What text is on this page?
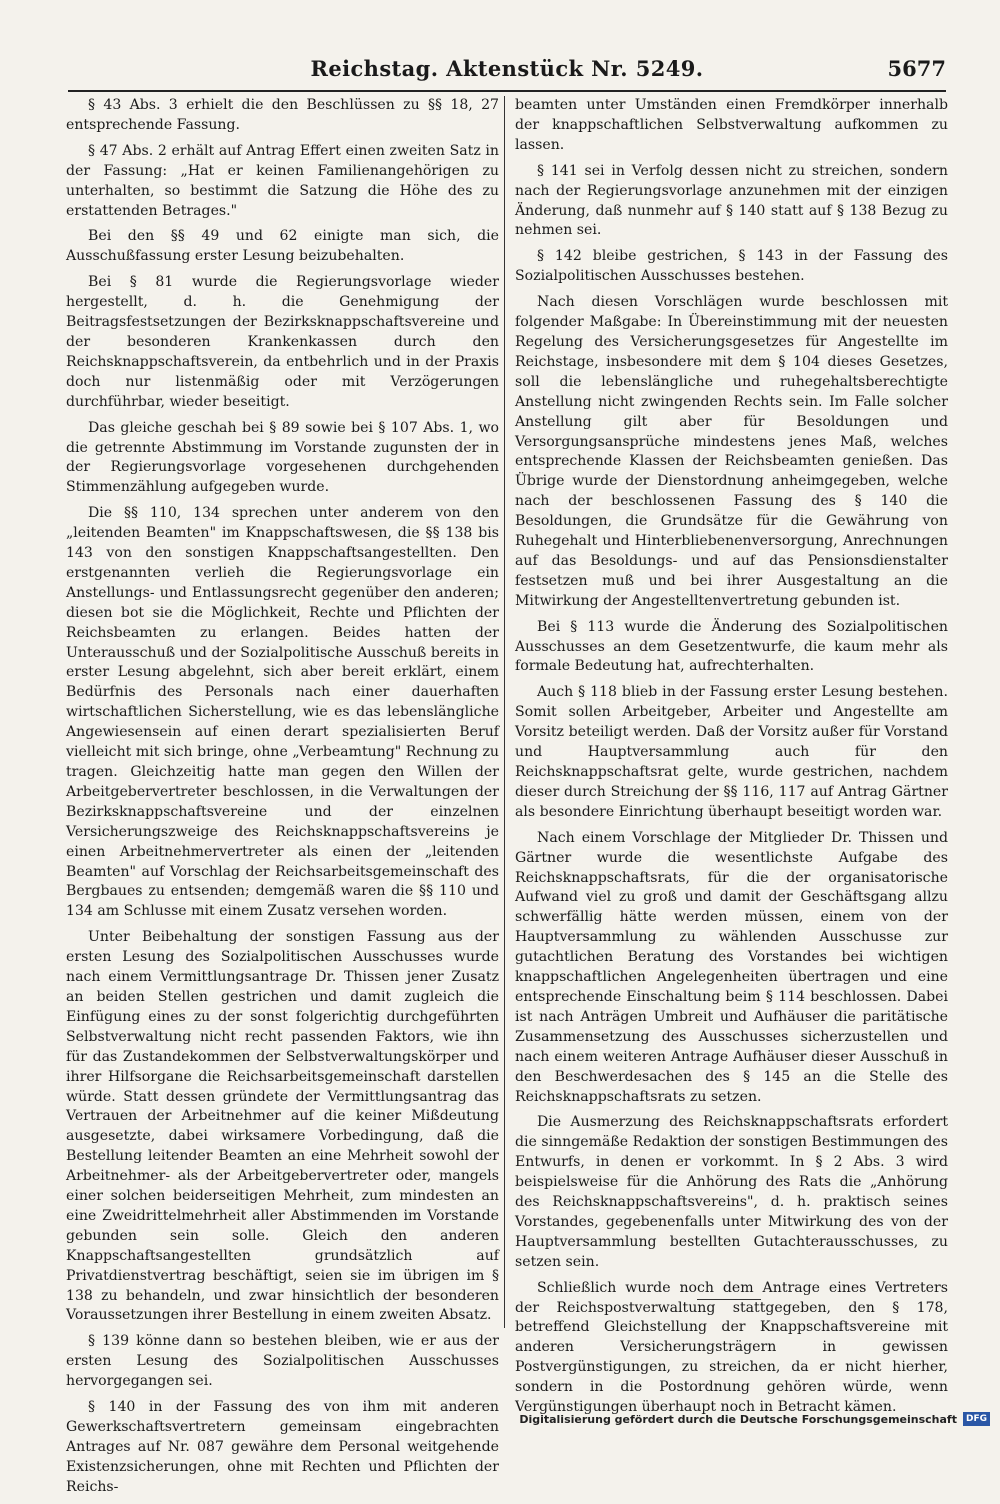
Reichstag. Aktenstück Nr. 5249.	5677

§ 43 Abs. 3 erhielt die den Beschlüssen zu §§ 18, 27 entsprechende Fassung.

§ 47 Abs. 2 erhält auf Antrag Effert einen zweiten Satz in der Fassung: „Hat er keinen Familienangehörigen zu unterhalten, so bestimmt die Satzung die Höhe des zu erstattenden Betrages."

Bei den §§ 49 und 62 einigte man sich, die Ausschußfassung erster Lesung beizubehalten.

Bei § 81 wurde die Regierungsvorlage wieder hergestellt, d. h. die Genehmigung der Beitragsfestsetzungen der Bezirksknappschaftsvereine und der besonderen Krankenkassen durch den Reichsknappschaftsverein, da entbehrlich und in der Praxis doch nur listenmäßig oder mit Verzögerungen durchführbar, wieder beseitigt.

Das gleiche geschah bei § 89 sowie bei § 107 Abs. 1, wo die getrennte Abstimmung im Vorstande zugunsten der in der Regierungsvorlage vorgesehenen durchgehenden Stimmenzählung aufgegeben wurde.

Die §§ 110, 134 sprechen unter anderem von den „leitenden Beamten" im Knappschaftswesen, die §§ 138 bis 143 von den sonstigen Knappschaftsangestellten. Den erstgenannten verlieh die Regierungsvorlage ein Anstellungs- und Entlassungsrecht gegenüber den anderen; diesen bot sie die Möglichkeit, Rechte und Pflichten der Reichsbeamten zu erlangen. Beides hatten der Unterausschuß und der Sozialpolitische Ausschuß bereits in erster Lesung abgelehnt, sich aber bereit erklärt, einem Bedürfnis des Personals nach einer dauerhaften wirtschaftlichen Sicherstellung, wie es das lebenslängliche Angewiesensein auf einen derart spezialisierten Beruf vielleicht mit sich bringe, ohne „Verbeamtung" Rechnung zu tragen. Gleichzeitig hatte man gegen den Willen der Arbeitgebervertreter beschlossen, in die Verwaltungen der Bezirksknappschaftsvereine und der einzelnen Versicherungszweige des Reichsknappschaftsvereins je einen Arbeitnehmervertreter als einen der „leitenden Beamten" auf Vorschlag der Reichsarbeitsgemeinschaft des Bergbaues zu entsenden; demgemäß waren die §§ 110 und 134 am Schlusse mit einem Zusatz versehen worden.

Unter Beibehaltung der sonstigen Fassung aus der ersten Lesung des Sozialpolitischen Ausschusses wurde nach einem Vermittlungsantrage Dr. Thissen jener Zusatz an beiden Stellen gestrichen und damit zugleich die Einfügung eines zu der sonst folgerichtig durchgeführten Selbstverwaltung nicht recht passenden Faktors, wie ihn für das Zustandekommen der Selbstverwaltungskörper und ihrer Hilfsorgane die Reichsarbeitsgemeinschaft darstellen würde. Statt dessen gründete der Vermittlungsantrag das Vertrauen der Arbeitnehmer auf die keiner Mißdeutung ausgesetzte, dabei wirksamere Vorbedingung, daß die Bestellung leitender Beamten an eine Mehrheit sowohl der Arbeitnehmer- als der Arbeitgebervertreter oder, mangels einer solchen beiderseitigen Mehrheit, zum mindesten an eine Zweidrittelmehrheit aller Abstimmenden im Vorstande gebunden sein solle. Gleich den anderen Knappschaftsangestellten grundsätzlich auf Privatdienstvertrag beschäftigt, seien sie im übrigen im § 138 zu behandeln, und zwar hinsichtlich der besonderen Voraussetzungen ihrer Bestellung in einem zweiten Absatz.

§ 139 könne dann so bestehen bleiben, wie er aus der ersten Lesung des Sozialpolitischen Ausschusses hervorgegangen sei.

§ 140 in der Fassung des von ihm mit anderen Gewerkschaftsvertretern gemeinsam eingebrachten Antrages auf Nr. 087 gewähre dem Personal weitgehende Existenzsicherungen, ohne mit Rechten und Pflichten der Reichs-

beamten unter Umständen einen Fremdkörper innerhalb der knappschaftlichen Selbstverwaltung aufkommen zu lassen.

§ 141 sei in Verfolg dessen nicht zu streichen, sondern nach der Regierungsvorlage anzunehmen mit der einzigen Änderung, daß nunmehr auf § 140 statt auf § 138 Bezug zu nehmen sei.

§ 142 bleibe gestrichen, § 143 in der Fassung des Sozialpolitischen Ausschusses bestehen.

Nach diesen Vorschlägen wurde beschlossen mit folgender Maßgabe: In Übereinstimmung mit der neuesten Regelung des Versicherungsgesetzes für Angestellte im Reichstage, insbesondere mit dem § 104 dieses Gesetzes, soll die lebenslängliche und ruhegehaltsberechtigte Anstellung nicht zwingenden Rechts sein. Im Falle solcher Anstellung gilt aber für Besoldungen und Versorgungsansprüche mindestens jenes Maß, welches entsprechende Klassen der Reichsbeamten genießen. Das Übrige wurde der Dienstordnung anheimgegeben, welche nach der beschlossenen Fassung des § 140 die Besoldungen, die Grundsätze für die Gewährung von Ruhegehalt und Hinterbliebenenversorgung, Anrechnungen auf das Besoldungs- und auf das Pensionsdienstalter festsetzen muß und bei ihrer Ausgestaltung an die Mitwirkung der Angestelltenvertretung gebunden ist.

Bei § 113 wurde die Änderung des Sozialpolitischen Ausschusses an dem Gesetzentwurfe, die kaum mehr als formale Bedeutung hat, aufrechterhalten.

Auch § 118 blieb in der Fassung erster Lesung bestehen. Somit sollen Arbeitgeber, Arbeiter und Angestellte am Vorsitz beteiligt werden. Daß der Vorsitz außer für Vorstand und Hauptversammlung auch für den Reichsknappschaftsrat gelte, wurde gestrichen, nachdem dieser durch Streichung der §§ 116, 117 auf Antrag Gärtner als besondere Einrichtung überhaupt beseitigt worden war.

Nach einem Vorschlage der Mitglieder Dr. Thissen und Gärtner wurde die wesentlichste Aufgabe des Reichsknappschaftsrats, für die der organisatorische Aufwand viel zu groß und damit der Geschäftsgang allzu schwerfällig hätte werden müssen, einem von der Hauptversammlung zu wählenden Ausschusse zur gutachtlichen Beratung des Vorstandes bei wichtigen knappschaftlichen Angelegenheiten übertragen und eine entsprechende Einschaltung beim § 114 beschlossen. Dabei ist nach Anträgen Umbreit und Aufhäuser die paritätische Zusammensetzung des Ausschusses sicherzustellen und nach einem weiteren Antrage Aufhäuser dieser Ausschuß in den Beschwerdesachen des § 145 an die Stelle des Reichsknappschaftsrats zu setzen.

Die Ausmerzung des Reichsknappschaftsrats erfordert die sinngemäße Redaktion der sonstigen Bestimmungen des Entwurfs, in denen er vorkommt. In § 2 Abs. 3 wird beispielsweise für die Anhörung des Rats die „Anhörung des Reichsknappschaftsvereins", d. h. praktisch seines Vorstandes, gegebenenfalls unter Mitwirkung des von der Hauptversammlung bestellten Gutachterausschusses, zu setzen sein.

Schließlich wurde noch dem Antrage eines Vertreters der Reichspostverwaltung stattgegeben, den § 178, betreffend Gleichstellung der Knappschaftsvereine mit anderen Versicherungsträgern in gewissen Postvergünstigungen, zu streichen, da er nicht hierher, sondern in die Postordnung gehören würde, wenn Vergünstigungen überhaupt noch in Betracht kämen.

Digitalisierung gefördert durch die Deutsche Forschungsgemeinschaft	DFG
